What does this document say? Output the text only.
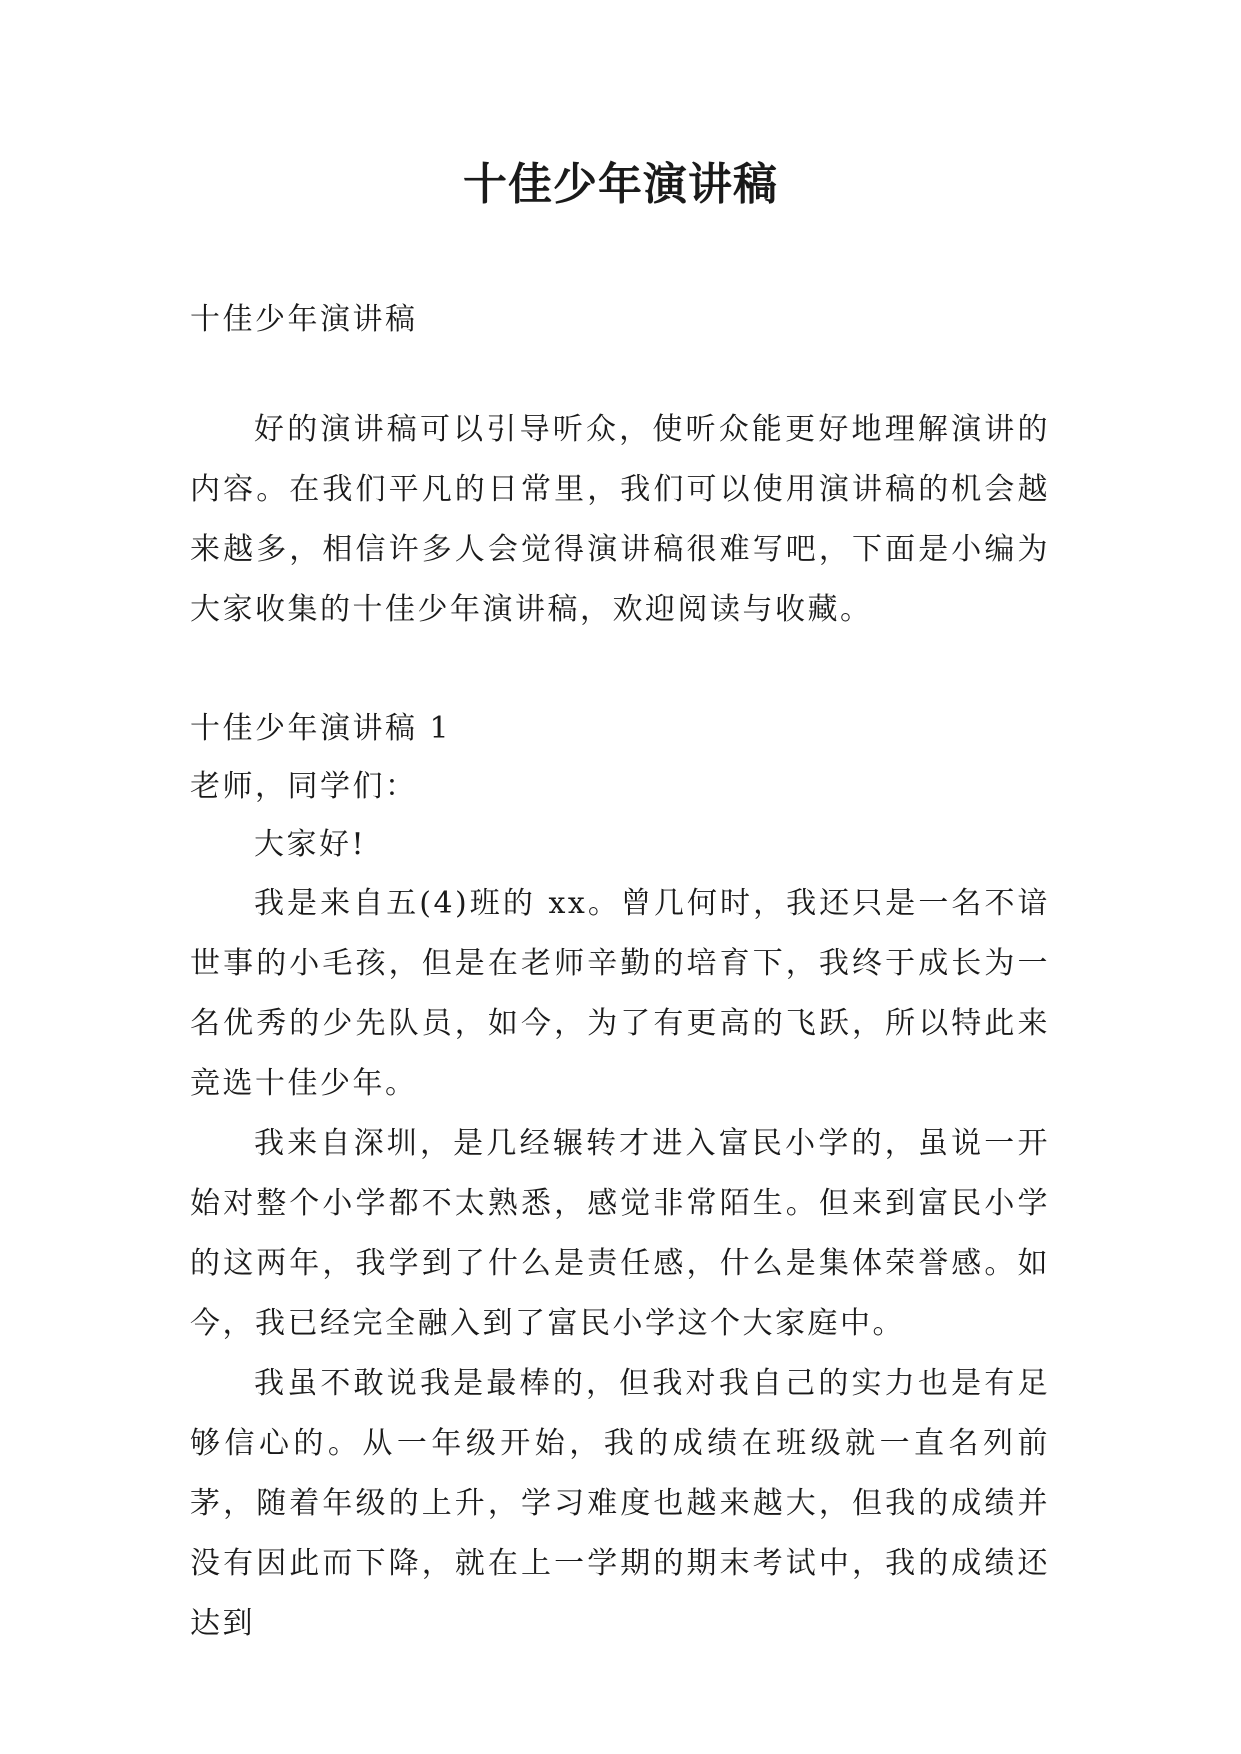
十佳少年演讲稿

十佳少年演讲稿

好的演讲稿可以引导听众，使听众能更好地理解演讲的内容。在我们平凡的日常里，我们可以使用演讲稿的机会越来越多，相信许多人会觉得演讲稿很难写吧，下面是小编为大家收集的十佳少年演讲稿，欢迎阅读与收藏。

十佳少年演讲稿 1

老师，同学们：

大家好!

我是来自五(4)班的 xx。曾几何时，我还只是一名不谙世事的小毛孩，但是在老师辛勤的培育下，我终于成长为一名优秀的少先队员，如今，为了有更高的飞跃，所以特此来竞选十佳少年。

我来自深圳，是几经辗转才进入富民小学的，虽说一开始对整个小学都不太熟悉，感觉非常陌生。但来到富民小学的这两年，我学到了什么是责任感，什么是集体荣誉感。如今，我已经完全融入到了富民小学这个大家庭中。

我虽不敢说我是最棒的，但我对我自己的实力也是有足够信心的。从一年级开始，我的成绩在班级就一直名列前茅，随着年级的上升，学习难度也越来越大，但我的成绩并没有因此而下降，就在上一学期的期末考试中，我的成绩还达到
